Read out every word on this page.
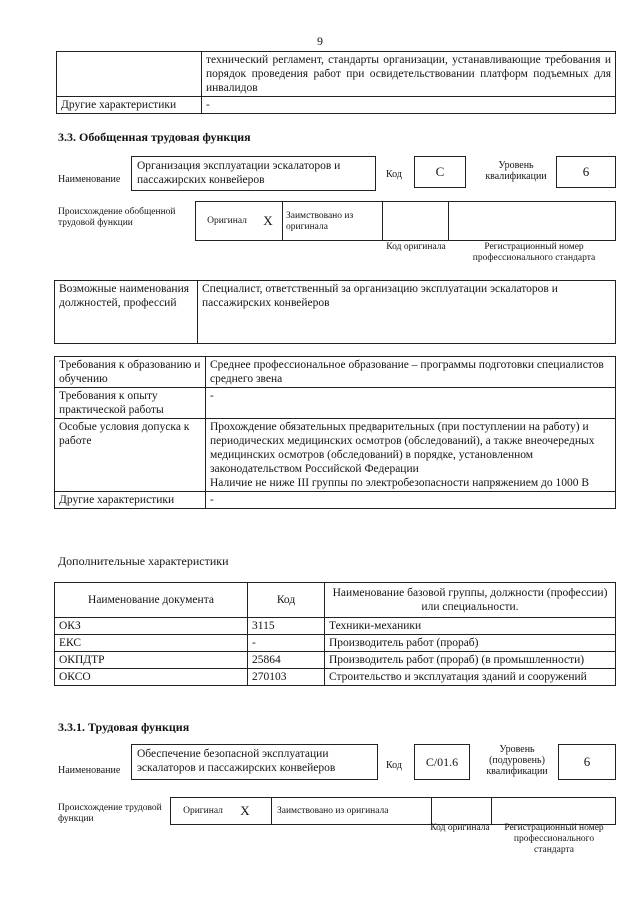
9
	технический регламент, стандарты организации, устанавливающие требования и порядок проведения работ при освидетельствовании платформ подъемных для инвалидов
Другие характеристики	-
3.3. Обобщенная трудовая функция
Наименование
Организация эксплуатации эскалаторов и пассажирских конвейеров	Код	С	Уровень квалификации	6
Происхождение обобщенной трудовой функции	Оригинал	X	Заимствовано из оригинала
Код оригинала	Регистрационный номер профессионального стандарта
Возможные наименования должностей, профессий	Специалист, ответственный за организацию эксплуатации эскалаторов и пассажирских конвейеров
Требования к образованию и обучению	Среднее профессиональное образование – программы подготовки специалистов среднего звена
Требования к опыту практической работы	-
Особые условия допуска к работе	Прохождение обязательных предварительных (при поступлении на работу) и периодических медицинских осмотров (обследований), а также внеочередных медицинских осмотров (обследований) в порядке, установленном законодательством Российской Федерации
Наличие не ниже III группы по электробезопасности напряжением до 1000 В

Другие характеристики	-
Дополнительные характеристики
Наименование документа	Код	Наименование базовой группы, должности (профессии) или специальности.
ОКЗ	3115	Техники-механики
ЕКС	-	Производитель работ (прораб)
ОКПДТР	25864	Производитель работ (прораб) (в промышленности)
ОКСО	270103	Строительство и эксплуатация зданий и сооружений
3.3.1. Трудовая функция
Наименование
Обеспечение безопасной эксплуатации эскалаторов и пассажирских конвейеров	Код	С/01.6
Уровень (подуровень) квалификации
6
Происхождение трудовой функции
Оригинал	X	Заимствовано из оригинала
Код оригинала	Регистрационный номер профессионального стандарта
